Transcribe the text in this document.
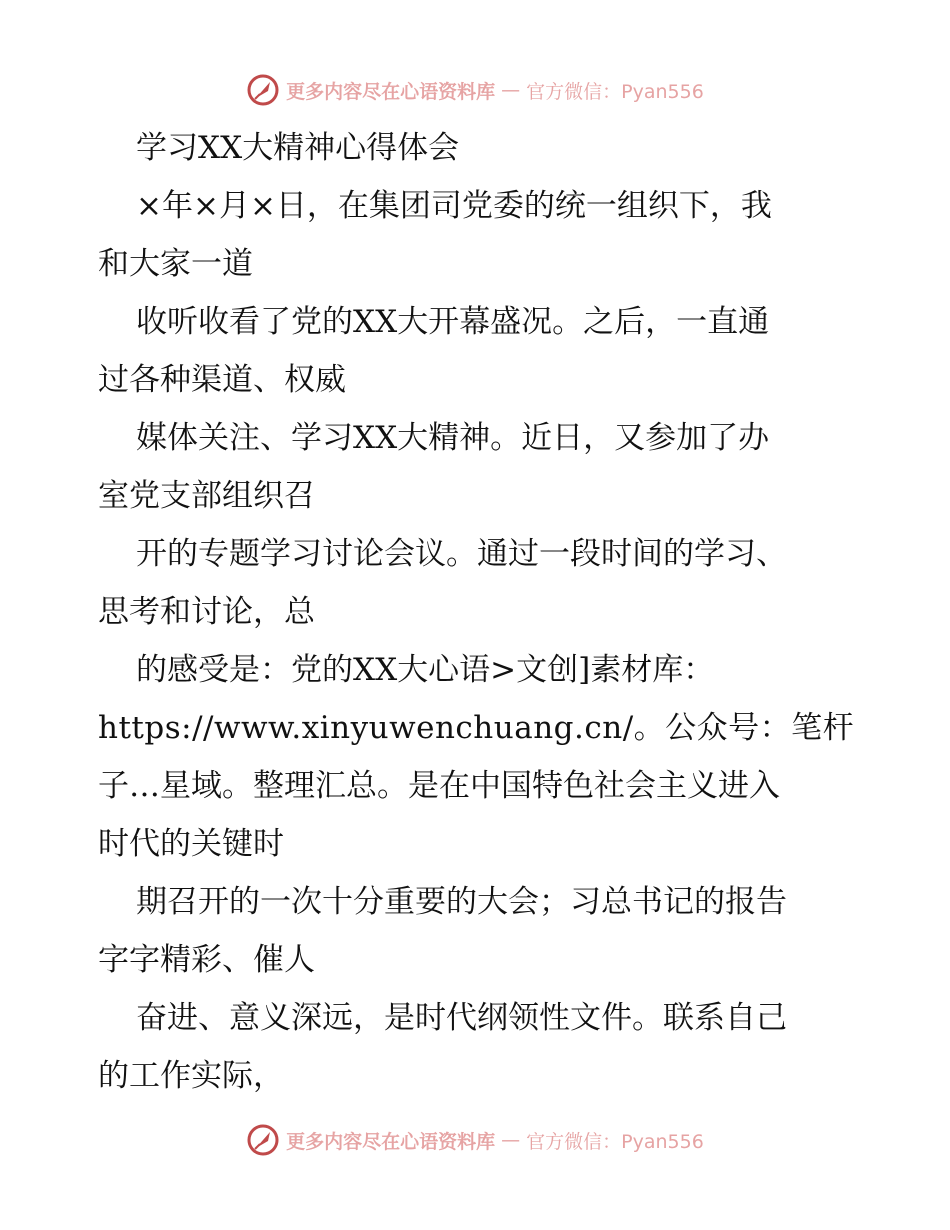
更多内容尽在心语资料库 — 官方微信：Pyan556
学习XX大精神心得体会
×年×月×日，在集团司党委的统一组织下，我
和大家一道
收听收看了党的XX大开幕盛况。之后，一直通
过各种渠道、权威
媒体关注、学习XX大精神。近日，又参加了办
室党支部组织召
开的专题学习讨论会议。通过一段时间的学习、
思考和讨论，总
的感受是：党的XX大心语>文创]素材库：
https://www.xinyuwenchuang.cn/。公众号：笔杆
子…星域。整理汇总。是在中国特色社会主义进入
时代的关键时
期召开的一次十分重要的大会；习总书记的报告
字字精彩、催人
奋进、意义深远，是时代纲领性文件。联系自己
的工作实际，
更多内容尽在心语资料库 — 官方微信：Pyan556
